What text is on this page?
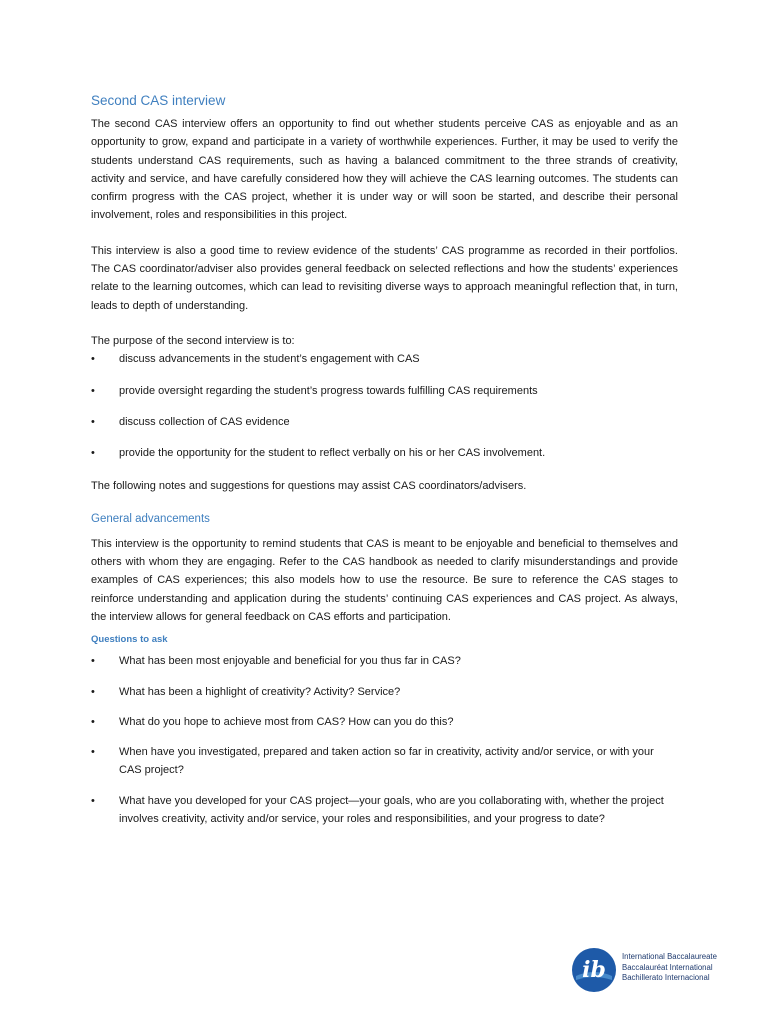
Second CAS interview

The second CAS interview offers an opportunity to find out whether students perceive CAS as enjoyable and as an opportunity to grow, expand and participate in a variety of worthwhile experiences. Further, it may be used to verify the students understand CAS requirements, such as having a balanced commitment to the three strands of creativity, activity and service, and have carefully considered how they will achieve the CAS learning outcomes. The students can confirm progress with the CAS project, whether it is under way or will soon be started, and describe their personal involvement, roles and responsibilities in this project.

This interview is also a good time to review evidence of the students’ CAS programme as recorded in their portfolios. The CAS coordinator/adviser also provides general feedback on selected reflections and how the students’ experiences relate to the learning outcomes, which can lead to revisiting diverse ways to approach meaningful reflection that, in turn, leads to depth of understanding.

The purpose of the second interview is to:

• discuss advancements in the student’s engagement with CAS
• provide oversight regarding the student’s progress towards fulfilling CAS requirements
• discuss collection of CAS evidence
• provide the opportunity for the student to reflect verbally on his or her CAS involvement.

The following notes and suggestions for questions may assist CAS coordinators/advisers.

General advancements

This interview is the opportunity to remind students that CAS is meant to be enjoyable and beneficial to themselves and others with whom they are engaging. Refer to the CAS handbook as needed to clarify misunderstandings and provide examples of CAS experiences; this also models how to use the resource. Be sure to reference the CAS stages to reinforce understanding and application during the students’ continuing CAS experiences and CAS project. As always, the interview allows for general feedback on CAS efforts and participation.

Questions to ask
• What has been most enjoyable and beneficial for you thus far in CAS?
• What has been a highlight of creativity? Activity? Service?
• What do you hope to achieve most from CAS? How can you do this?
• When have you investigated, prepared and taken action so far in creativity, activity and/or service, or with your CAS project?
• What have you developed for your CAS project—your goals, who are you collaborating with, whether the project involves creativity, activity and/or service, your roles and responsibilities, and your progress to date?
ib
International Baccalaureate
Baccalauréat International
Bachillerato Internacional
